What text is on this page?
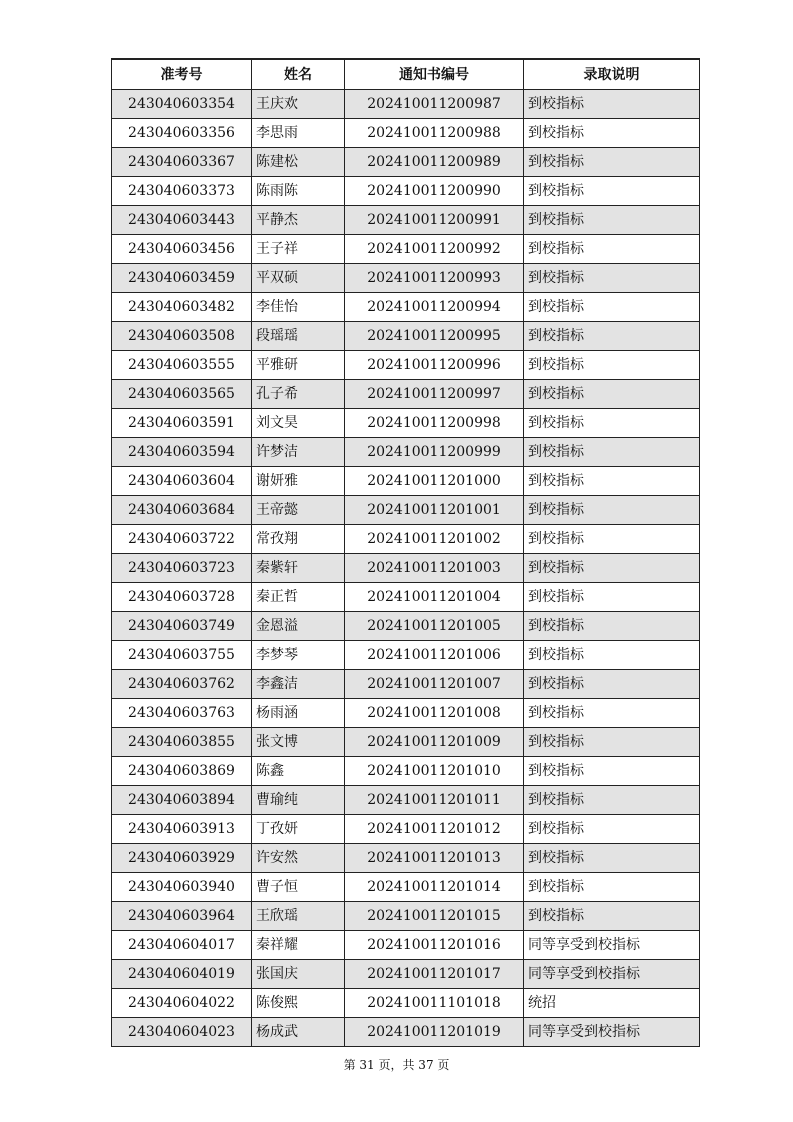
准考号	姓名	通知书编号	录取说明
243040603354	王庆欢	202410011200987	到校指标
243040603356	李思雨	202410011200988	到校指标
243040603367	陈建松	202410011200989	到校指标
243040603373	陈雨陈	202410011200990	到校指标
243040603443	平静杰	202410011200991	到校指标
243040603456	王子祥	202410011200992	到校指标
243040603459	平双硕	202410011200993	到校指标
243040603482	李佳怡	202410011200994	到校指标
243040603508	段瑶瑶	202410011200995	到校指标
243040603555	平雅研	202410011200996	到校指标
243040603565	孔子希	202410011200997	到校指标
243040603591	刘文昊	202410011200998	到校指标
243040603594	许梦洁	202410011200999	到校指标
243040603604	谢妍雅	202410011201000	到校指标
243040603684	王帝懿	202410011201001	到校指标
243040603722	常孜翔	202410011201002	到校指标
243040603723	秦紫轩	202410011201003	到校指标
243040603728	秦正哲	202410011201004	到校指标
243040603749	金恩溢	202410011201005	到校指标
243040603755	李梦琴	202410011201006	到校指标
243040603762	李鑫洁	202410011201007	到校指标
243040603763	杨雨涵	202410011201008	到校指标
243040603855	张文博	202410011201009	到校指标
243040603869	陈鑫	202410011201010	到校指标
243040603894	曹瑜纯	202410011201011	到校指标
243040603913	丁孜妍	202410011201012	到校指标
243040603929	许安然	202410011201013	到校指标
243040603940	曹子恒	202410011201014	到校指标
243040603964	王欣瑶	202410011201015	到校指标
243040604017	秦祥耀	202410011201016	同等享受到校指标
243040604019	张国庆	202410011201017	同等享受到校指标
243040604022	陈俊熙	202410011101018	统招
243040604023	杨成武	202410011201019	同等享受到校指标
第 31 页，共 37 页
